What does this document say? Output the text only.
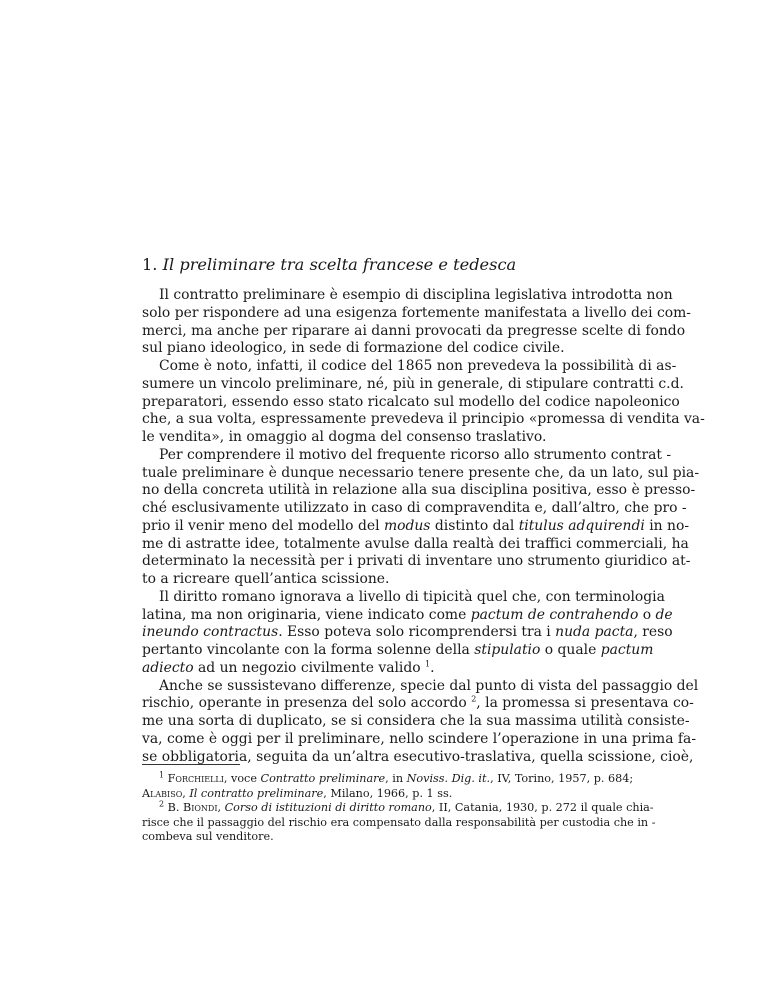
1. Il preliminare tra scelta francese e tedesca
Il contratto preliminare è esempio di disciplina legislativa introdotta non
solo per rispondere ad una esigenza fortemente manifestata a livello dei com-
merci, ma anche per riparare ai danni provocati da pregresse scelte di fondo
sul piano ideologico, in sede di formazione del codice civile.
Come è noto, infatti, il codice del 1865 non prevedeva la possibilità di as-
sumere un vincolo preliminare, né, più in generale, di stipulare contratti c.d.
preparatori, essendo esso stato ricalcato sul modello del codice napoleonico
che, a sua volta, espressamente prevedeva il principio «promessa di vendita va-
le vendita», in omaggio al dogma del consenso traslativo.
Per comprendere il motivo del frequente ricorso allo strumento contrat -
tuale preliminare è dunque necessario tenere presente che, da un lato, sul pia-
no della concreta utilità in relazione alla sua disciplina positiva, esso è presso-
ché esclusivamente utilizzato in caso di compravendita e, dall’altro, che pro -
prio il venir meno del modello del modus distinto dal titulus adquirendi in no-
me di astratte idee, totalmente avulse dalla realtà dei traffici commerciali, ha
determinato la necessità per i privati di inventare uno strumento giuridico at-
to a ricreare quell’antica scissione.
Il diritto romano ignorava a livello di tipicità quel che, con terminologia
latina, ma non originaria, viene indicato come pactum de contrahendo o de
ineundo contractus. Esso poteva solo ricomprendersi tra i nuda pacta, reso
pertanto vincolante con la forma solenne della stipulatio o quale pactum
adiecto ad un negozio civilmente valido $^1$.
Anche se sussistevano differenze, specie dal punto di vista del passaggio del
rischio, operante in presenza del solo accordo $^2$, la promessa si presentava co-
me una sorta di duplicato, se si considera che la sua massima utilità consiste-
va, come è oggi per il preliminare, nello scindere l’operazione in una prima fa-
se obbligatoria, seguita da un’altra esecutivo-traslativa, quella scissione, cioè,
$^1$ Forchielli, voce Contratto preliminare, in Noviss. Dig. it., IV, Torino, 1957, p. 684;
Alabiso, Il contratto preliminare, Milano, 1966, p. 1 ss.
$^2$ B. Biondi, Corso di istituzioni di diritto romano, II, Catania, 1930, p. 272 il quale chia-
risce che il passaggio del rischio era compensato dalla responsabilità per custodia che in -
combeva sul venditore.
